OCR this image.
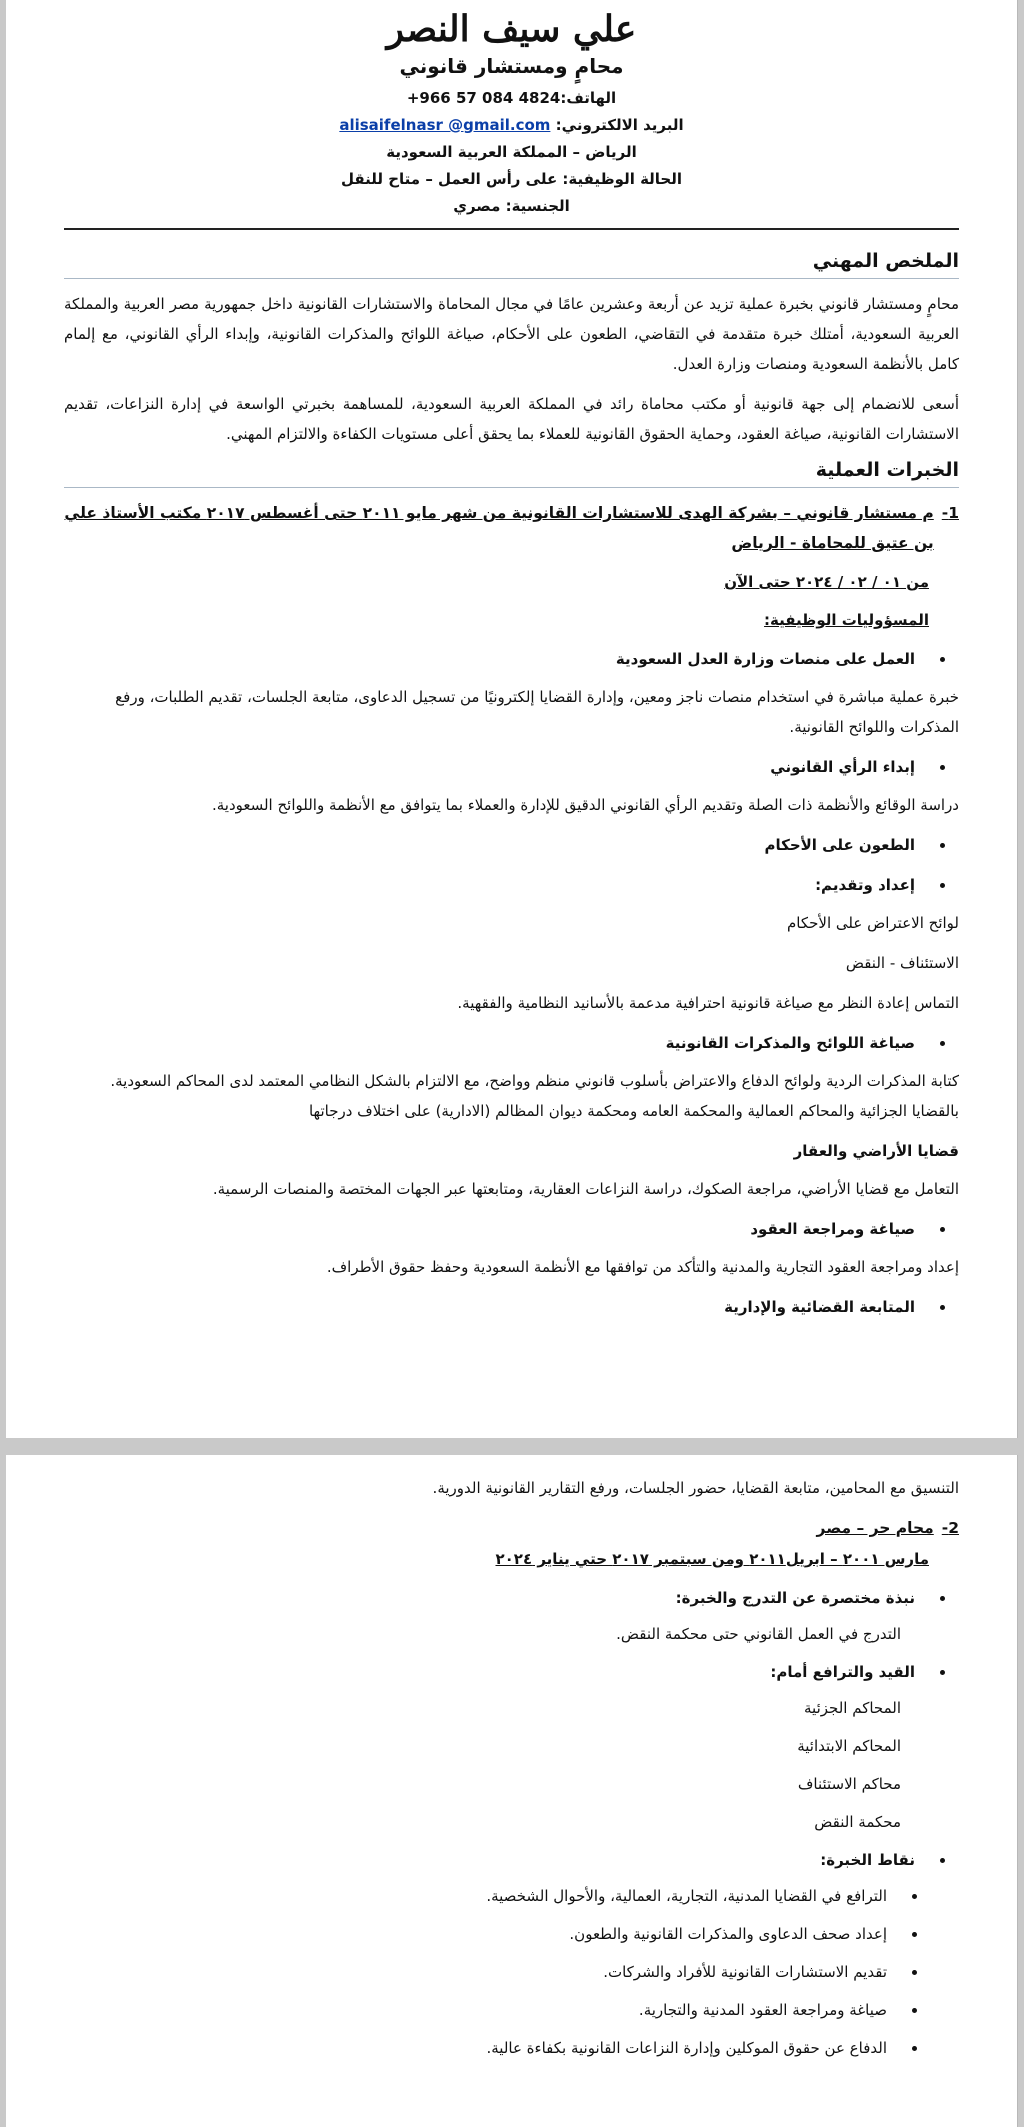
علي سيف النصر
محامٍ ومستشار قانوني
الهاتف:+966 57 084 4824
البريد الالكتروني: alisaifelnasr @gmail.com
الرياض – المملكة العربية السعودية
الحالة الوظيفية: على رأس العمل – متاح للنقل
الجنسية: مصري
الملخص المهني

محامٍ ومستشار قانوني بخبرة عملية تزيد عن أربعة وعشرين عامًا في مجال المحاماة والاستشارات القانونية داخل جمهورية مصر العربية والمملكة العربية السعودية، أمتلك خبرة متقدمة في التقاضي، الطعون على الأحكام، صياغة اللوائح والمذكرات القانونية، وإبداء الرأي القانوني، مع إلمام كامل بالأنظمة السعودية ومنصات وزارة العدل.

أسعى للانضمام إلى جهة قانونية أو مكتب محاماة رائد في المملكة العربية السعودية، للمساهمة بخبرتي الواسعة في إدارة النزاعات، تقديم الاستشارات القانونية، صياغة العقود، وحماية الحقوق القانونية للعملاء بما يحقق أعلى مستويات الكفاءة والالتزام المهني.

الخبرات العملية
1-
م مستشار قانوني – بشركة الهدى للاستشارات القانونية من شهر مايو ٢٠١١ حتى أغسطس ٢٠١٧ مكتب الأستاذ علي بن عتيق للمحاماة - الرياض
من ٠١ / ٠٢ / ٢٠٢٤ حتى الآن
المسؤوليات الوظيفية:
• العمل على منصات وزارة العدل السعودية
خبرة عملية مباشرة في استخدام منصات ناجز ومعين، وإدارة القضايا إلكترونيًا من تسجيل الدعاوى، متابعة الجلسات، تقديم الطلبات، ورفع المذكرات واللوائح القانونية.
• إبداء الرأي القانوني
دراسة الوقائع والأنظمة ذات الصلة وتقديم الرأي القانوني الدقيق للإدارة والعملاء بما يتوافق مع الأنظمة واللوائح السعودية.
• الطعون على الأحكام
• إعداد وتقديم:
لوائح الاعتراض على الأحكام
الاستئناف - النقض
التماس إعادة النظر مع صياغة قانونية احترافية مدعمة بالأسانيد النظامية والفقهية.
• صياغة اللوائح والمذكرات القانونية
كتابة المذكرات الردية ولوائح الدفاع والاعتراض بأسلوب قانوني منظم وواضح، مع الالتزام بالشكل النظامي المعتمد لدى المحاكم السعودية. بالقضايا الجزائية والمحاكم العمالية والمحكمة العامه ومحكمة ديوان المظالم (الادارية) على اختلاف درجاتها
قضايا الأراضي والعقار
التعامل مع قضايا الأراضي، مراجعة الصكوك، دراسة النزاعات العقارية، ومتابعتها عبر الجهات المختصة والمنصات الرسمية.
• صياغة ومراجعة العقود
إعداد ومراجعة العقود التجارية والمدنية والتأكد من توافقها مع الأنظمة السعودية وحفظ حقوق الأطراف.
• المتابعة القضائية والإدارية
التنسيق مع المحامين، متابعة القضايا، حضور الجلسات، ورفع التقارير القانونية الدورية.
2-
محام حر – مصر
مارس ٢٠٠١ – ابريل٢٠١١ ومن سبتمبر ٢٠١٧ حتي يناير ٢٠٢٤
• نبذة مختصرة عن التدرج والخبرة:
التدرج في العمل القانوني حتى محكمة النقض.
• القيد والترافع أمام:
المحاكم الجزئية
المحاكم الابتدائية
محاكم الاستئناف
محكمة النقض
• نقاط الخبرة:
• الترافع في القضايا المدنية، التجارية، العمالية، والأحوال الشخصية.
• إعداد صحف الدعاوى والمذكرات القانونية والطعون.
• تقديم الاستشارات القانونية للأفراد والشركات.
• صياغة ومراجعة العقود المدنية والتجارية.
• الدفاع عن حقوق الموكلين وإدارة النزاعات القانونية بكفاءة عالية.
